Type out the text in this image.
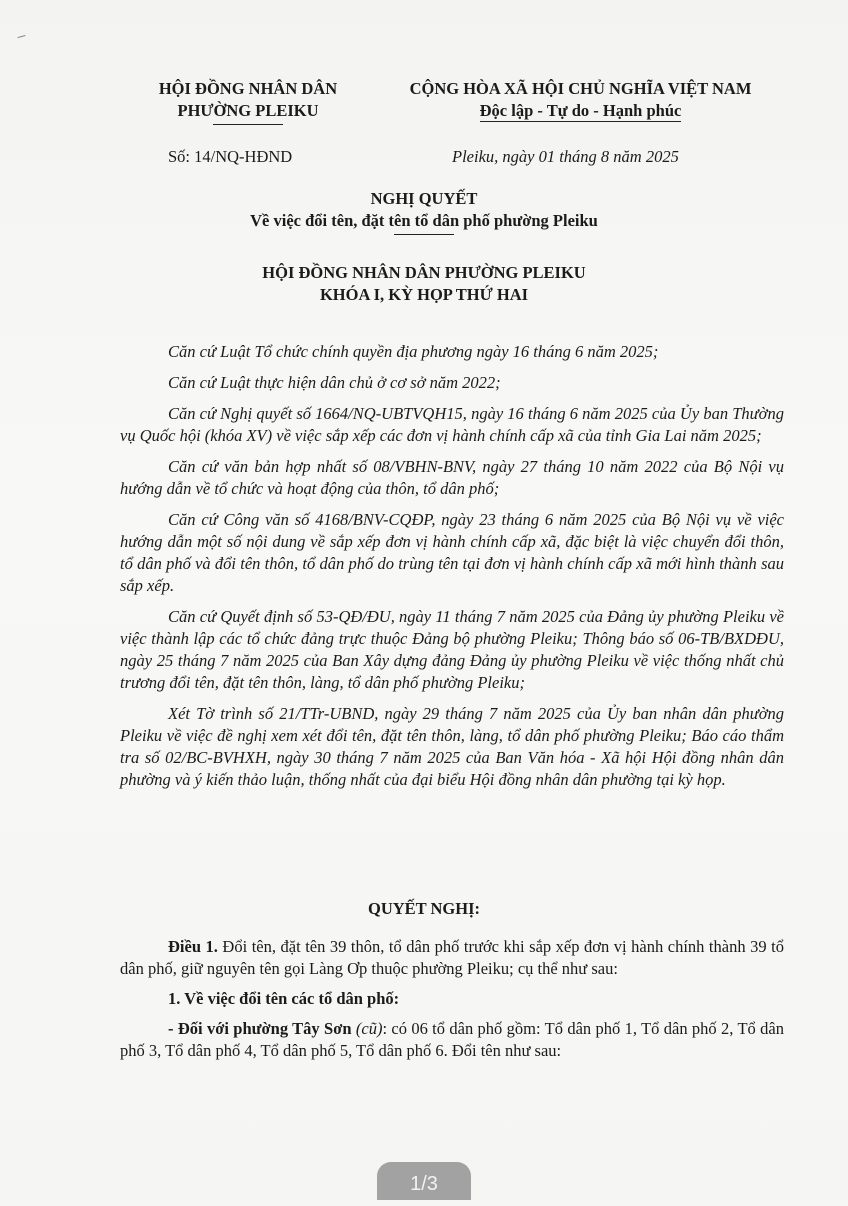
HỘI ĐỒNG NHÂN DÂN
PHƯỜNG PLEIKU
CỘNG HÒA XÃ HỘI CHỦ NGHĨA VIỆT NAM
Độc lập - Tự do - Hạnh phúc
Số: 14/NQ-HĐND	Pleiku, ngày 01 tháng 8 năm 2025
NGHỊ QUYẾT
Về việc đổi tên, đặt tên tổ dân phố phường Pleiku
HỘI ĐỒNG NHÂN DÂN PHƯỜNG PLEIKU
KHÓA I, KỲ HỌP THỨ HAI

Căn cứ Luật Tổ chức chính quyền địa phương ngày 16 tháng 6 năm 2025;

Căn cứ Luật thực hiện dân chủ ở cơ sở năm 2022;

Căn cứ Nghị quyết số 1664/NQ-UBTVQH15, ngày 16 tháng 6 năm 2025 của Ủy ban Thường vụ Quốc hội (khóa XV) về việc sắp xếp các đơn vị hành chính cấp xã của tỉnh Gia Lai năm 2025;

Căn cứ văn bản hợp nhất số 08/VBHN-BNV, ngày 27 tháng 10 năm 2022 của Bộ Nội vụ hướng dẫn về tổ chức và hoạt động của thôn, tổ dân phố;

Căn cứ Công văn số 4168/BNV-CQĐP, ngày 23 tháng 6 năm 2025 của Bộ Nội vụ về việc hướng dẫn một số nội dung về sắp xếp đơn vị hành chính cấp xã, đặc biệt là việc chuyển đổi thôn, tổ dân phố và đổi tên thôn, tổ dân phố do trùng tên tại đơn vị hành chính cấp xã mới hình thành sau sắp xếp.

Căn cứ Quyết định số 53-QĐ/ĐU, ngày 11 tháng 7 năm 2025 của Đảng ủy phường Pleiku về việc thành lập các tổ chức đảng trực thuộc Đảng bộ phường Pleiku; Thông báo số 06-TB/BXDĐU, ngày 25 tháng 7 năm 2025 của Ban Xây dựng đảng Đảng ủy phường Pleiku về việc thống nhất chủ trương đổi tên, đặt tên thôn, làng, tổ dân phố phường Pleiku;

Xét Tờ trình số 21/TTr-UBND, ngày 29 tháng 7 năm 2025 của Ủy ban nhân dân phường Pleiku về việc đề nghị xem xét đổi tên, đặt tên thôn, làng, tổ dân phố phường Pleiku; Báo cáo thẩm tra số 02/BC-BVHXH, ngày 30 tháng 7 năm 2025 của Ban Văn hóa - Xã hội Hội đồng nhân dân phường và ý kiến thảo luận, thống nhất của đại biểu Hội đồng nhân dân phường tại kỳ họp.

QUYẾT NGHỊ:

Điều 1. Đổi tên, đặt tên 39 thôn, tổ dân phố trước khi sắp xếp đơn vị hành chính thành 39 tổ dân phố, giữ nguyên tên gọi Làng Ơp thuộc phường Pleiku; cụ thể như sau:

1. Về việc đổi tên các tổ dân phố:

- Đối với phường Tây Sơn (cũ): có 06 tổ dân phố gồm: Tổ dân phố 1, Tổ dân phố 2, Tổ dân phố 3, Tổ dân phố 4, Tổ dân phố 5, Tổ dân phố 6. Đổi tên như sau:

1/3
